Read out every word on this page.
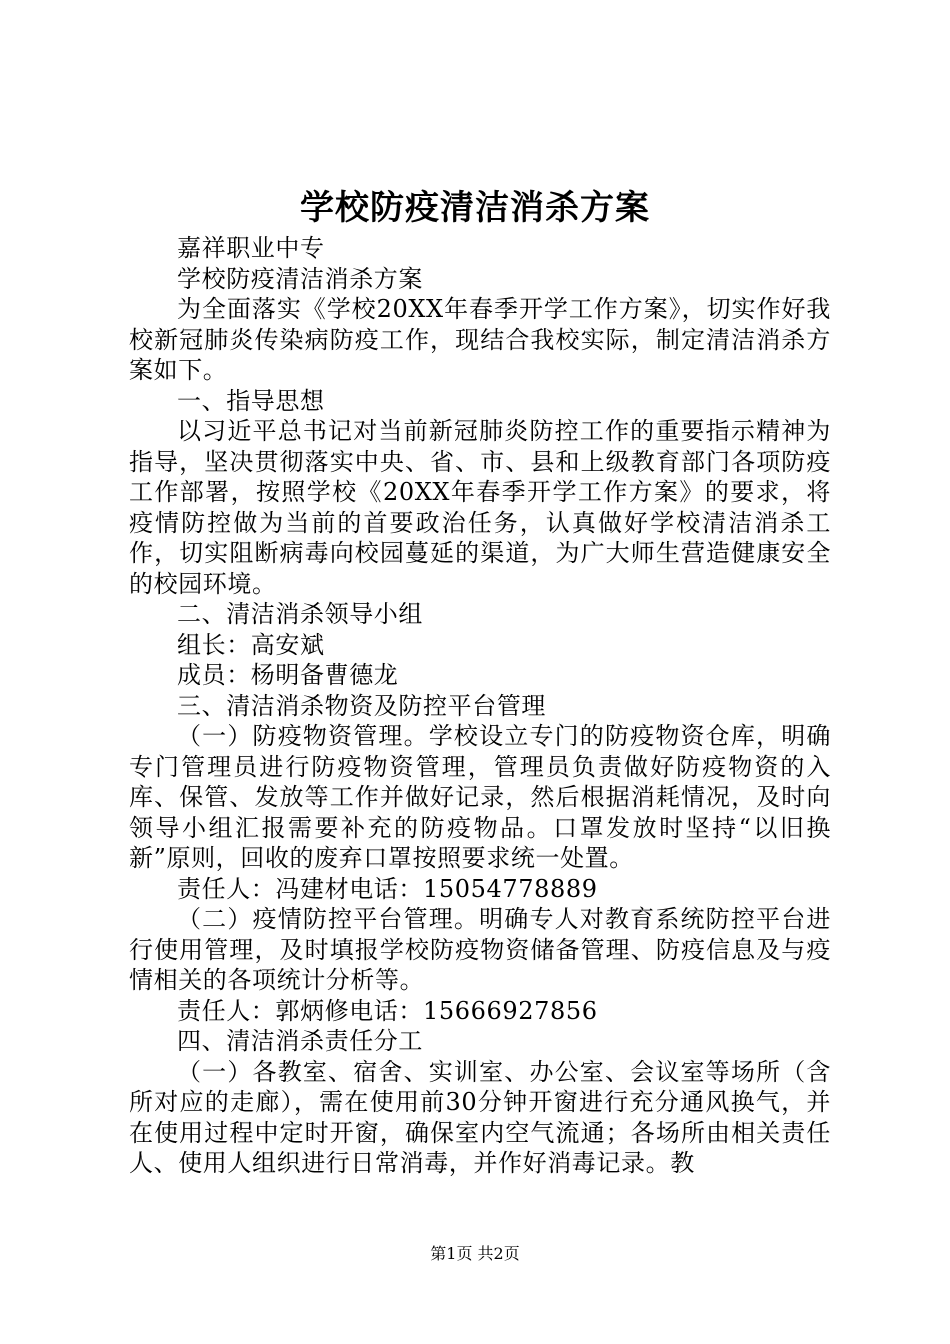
学校防疫清洁消杀方案

嘉祥职业中专

学校防疫清洁消杀方案

为全面落实《学校20XX年春季开学工作方案》，切实作好我校新冠肺炎传染病防疫工作，现结合我校实际，制定清洁消杀方案如下。

一、指导思想

以习近平总书记对当前新冠肺炎防控工作的重要指示精神为指导，坚决贯彻落实中央、省、市、县和上级教育部门各项防疫工作部署，按照学校《20XX年春季开学工作方案》的要求，将疫情防控做为当前的首要政治任务，认真做好学校清洁消杀工作，切实阻断病毒向校园蔓延的渠道，为广大师生营造健康安全的校园环境。

二、清洁消杀领导小组

组长：高安斌

成员：杨明备曹德龙

三、清洁消杀物资及防控平台管理

（一）防疫物资管理。学校设立专门的防疫物资仓库，明确专门管理员进行防疫物资管理，管理员负责做好防疫物资的入库、保管、发放等工作并做好记录，然后根据消耗情况，及时向领导小组汇报需要补充的防疫物品。口罩发放时坚持“以旧换新”原则，回收的废弃口罩按照要求统一处置。

责任人：冯建材电话：15054778889

（二）疫情防控平台管理。明确专人对教育系统防控平台进行使用管理，及时填报学校防疫物资储备管理、防疫信息及与疫情相关的各项统计分析等。

责任人：郭炳修电话：15666927856

四、清洁消杀责任分工

（一）各教室、宿舍、实训室、办公室、会议室等场所（含所对应的走廊），需在使用前30分钟开窗进行充分通风换气，并在使用过程中定时开窗，确保室内空气流通；各场所由相关责任人、使用人组织进行日常消毒，并作好消毒记录。教

第1页 共2页
